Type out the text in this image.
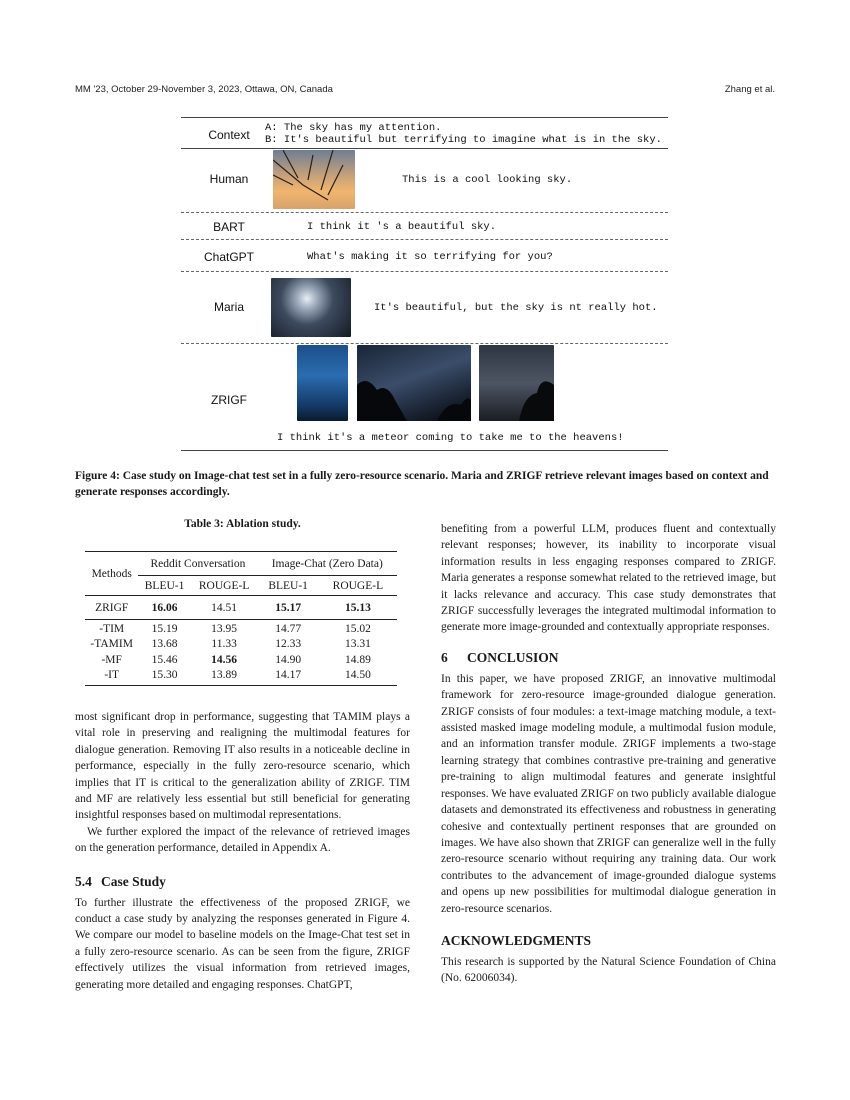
MM '23, October 29-November 3, 2023, Ottawa, ON, Canada	Zhang et al.
Context	A: The sky has my attention.
B: It's beautiful but terrifying to imagine what is in the sky.
Human	This is a cool looking sky.
BART	I think it 's a beautiful sky.
ChatGPT	What's making it so terrifying for you?
Maria	It's beautiful, but the sky is nt really hot.
ZRIGF
I think it's a meteor coming to take me to the heavens!
Figure 4: Case study on Image-chat test set in a fully zero-resource scenario. Maria and ZRIGF retrieve relevant images based on context and generate responses accordingly.
Table 3: Ablation study.
Methods	Reddit Conversation		Image-Chat (Zero Data)	
	BLEU-1	ROUGE-L	BLEU-1	ROUGE-L
ZRIGF	16.06	14.51	15.17	15.13
-TIM	15.19	13.95	14.77	15.02
-TAMIM	13.68	11.33	12.33	13.31
-MF	15.46	14.56	14.90	14.89
-IT	15.30	13.89	14.17	14.50

most significant drop in performance, suggesting that TAMIM plays a vital role in preserving and realigning the multimodal features for dialogue generation. Removing IT also results in a noticeable decline in performance, especially in the fully zero-resource scenario, which implies that IT is critical to the generalization ability of ZRIGF. TIM and MF are relatively less essential but still beneficial for generating insightful responses based on multimodal representations.

We further explored the impact of the relevance of retrieved images on the generation performance, detailed in Appendix A.

5.4 Case Study

To further illustrate the effectiveness of the proposed ZRIGF, we conduct a case study by analyzing the responses generated in Figure 4. We compare our model to baseline models on the Image-Chat test set in a fully zero-resource scenario. As can be seen from the figure, ZRIGF effectively utilizes the visual information from retrieved images, generating more detailed and engaging responses. ChatGPT,

benefiting from a powerful LLM, produces fluent and contextually relevant responses; however, its inability to incorporate visual information results in less engaging responses compared to ZRIGF. Maria generates a response somewhat related to the retrieved image, but it lacks relevance and accuracy. This case study demonstrates that ZRIGF successfully leverages the integrated multimodal information to generate more image-grounded and contextually appropriate responses.

6 CONCLUSION

In this paper, we have proposed ZRIGF, an innovative multimodal framework for zero-resource image-grounded dialogue generation. ZRIGF consists of four modules: a text-image matching module, a text-assisted masked image modeling module, a multimodal fusion module, and an information transfer module. ZRIGF implements a two-stage learning strategy that combines contrastive pre-training and generative pre-training to align multimodal features and generate insightful responses. We have evaluated ZRIGF on two publicly available dialogue datasets and demonstrated its effectiveness and robustness in generating cohesive and contextually pertinent responses that are grounded on images. We have also shown that ZRIGF can generalize well in the fully zero-resource scenario without requiring any training data. Our work contributes to the advancement of image-grounded dialogue systems and opens up new possibilities for multimodal dialogue generation in zero-resource scenarios.

ACKNOWLEDGMENTS

This research is supported by the Natural Science Foundation of China (No. 62006034).
